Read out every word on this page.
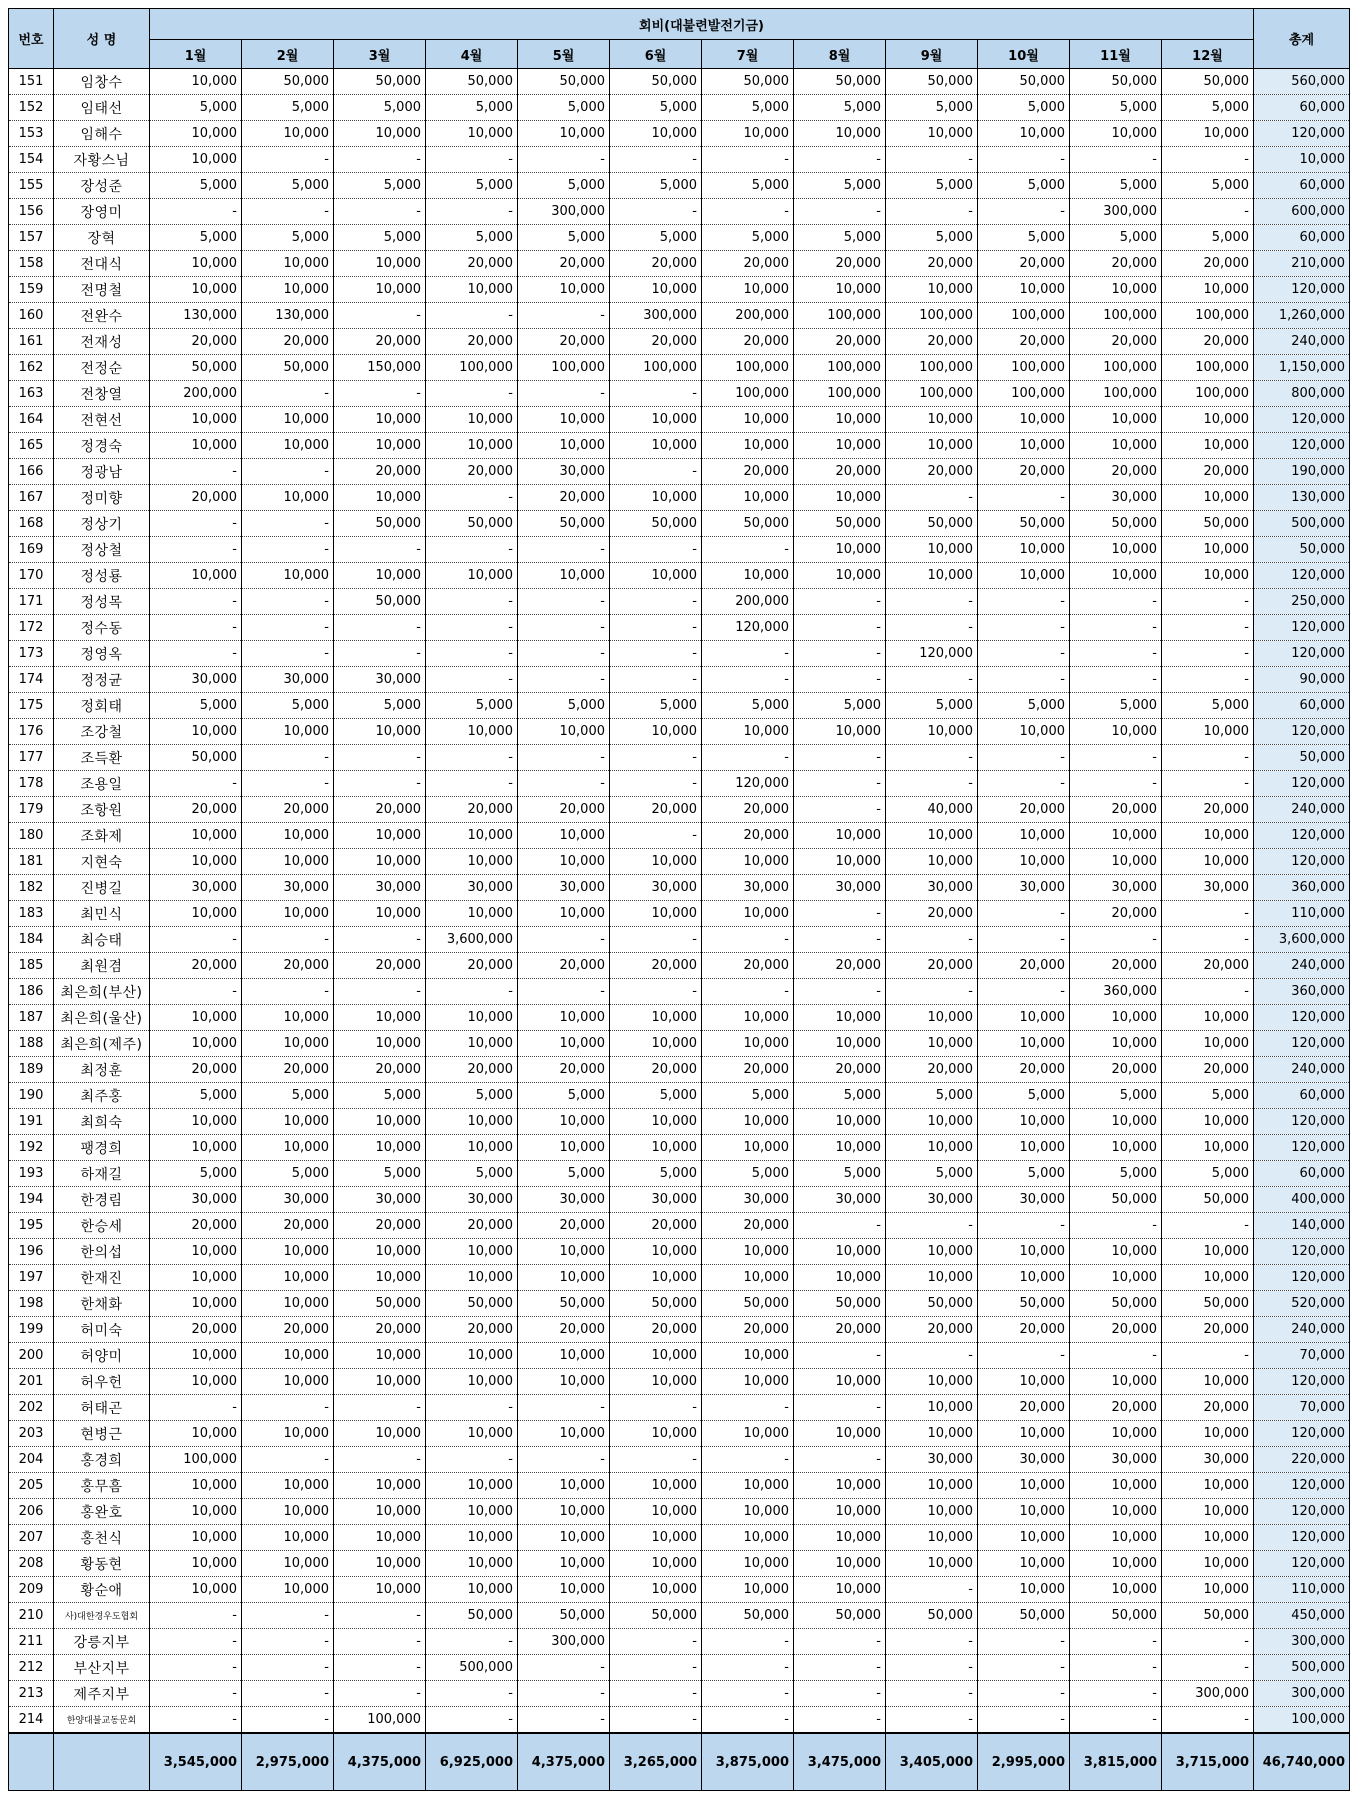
번호	성 명	회비(대불련발전기금)												총계
		1월	2월	3월	4월	5월	6월	7월	8월	9월	10월	11월	12월	
151	임창수	10,000	50,000	50,000	50,000	50,000	50,000	50,000	50,000	50,000	50,000	50,000	50,000	560,000
152	임태선	5,000	5,000	5,000	5,000	5,000	5,000	5,000	5,000	5,000	5,000	5,000	5,000	60,000
153	임해수	10,000	10,000	10,000	10,000	10,000	10,000	10,000	10,000	10,000	10,000	10,000	10,000	120,000
154	자황스님	10,000	-	-	-	-	-	-	-	-	-	-	-	10,000
155	장성준	5,000	5,000	5,000	5,000	5,000	5,000	5,000	5,000	5,000	5,000	5,000	5,000	60,000
156	장영미	-	-	-	-	300,000	-	-	-	-	-	300,000	-	600,000
157	장혁	5,000	5,000	5,000	5,000	5,000	5,000	5,000	5,000	5,000	5,000	5,000	5,000	60,000
158	전대식	10,000	10,000	10,000	20,000	20,000	20,000	20,000	20,000	20,000	20,000	20,000	20,000	210,000
159	전명철	10,000	10,000	10,000	10,000	10,000	10,000	10,000	10,000	10,000	10,000	10,000	10,000	120,000
160	전완수	130,000	130,000	-	-	-	300,000	200,000	100,000	100,000	100,000	100,000	100,000	1,260,000
161	전재성	20,000	20,000	20,000	20,000	20,000	20,000	20,000	20,000	20,000	20,000	20,000	20,000	240,000
162	전정순	50,000	50,000	150,000	100,000	100,000	100,000	100,000	100,000	100,000	100,000	100,000	100,000	1,150,000
163	전창열	200,000	-	-	-	-	-	100,000	100,000	100,000	100,000	100,000	100,000	800,000
164	전현선	10,000	10,000	10,000	10,000	10,000	10,000	10,000	10,000	10,000	10,000	10,000	10,000	120,000
165	정경숙	10,000	10,000	10,000	10,000	10,000	10,000	10,000	10,000	10,000	10,000	10,000	10,000	120,000
166	정광남	-	-	20,000	20,000	30,000	-	20,000	20,000	20,000	20,000	20,000	20,000	190,000
167	정미향	20,000	10,000	10,000	-	20,000	10,000	10,000	10,000	-	-	30,000	10,000	130,000
168	정상기	-	-	50,000	50,000	50,000	50,000	50,000	50,000	50,000	50,000	50,000	50,000	500,000
169	정상철	-	-	-	-	-	-	-	10,000	10,000	10,000	10,000	10,000	50,000
170	정성룡	10,000	10,000	10,000	10,000	10,000	10,000	10,000	10,000	10,000	10,000	10,000	10,000	120,000
171	정성목	-	-	50,000	-	-	-	200,000	-	-	-	-	-	250,000
172	정수동	-	-	-	-	-	-	120,000	-	-	-	-	-	120,000
173	정영옥	-	-	-	-	-	-	-	-	120,000	-	-	-	120,000
174	정정균	30,000	30,000	30,000	-	-	-	-	-	-	-	-	-	90,000
175	정회태	5,000	5,000	5,000	5,000	5,000	5,000	5,000	5,000	5,000	5,000	5,000	5,000	60,000
176	조강철	10,000	10,000	10,000	10,000	10,000	10,000	10,000	10,000	10,000	10,000	10,000	10,000	120,000
177	조득환	50,000	-	-	-	-	-	-	-	-	-	-	-	50,000
178	조용일	-	-	-	-	-	-	120,000	-	-	-	-	-	120,000
179	조항원	20,000	20,000	20,000	20,000	20,000	20,000	20,000	-	40,000	20,000	20,000	20,000	240,000
180	조화제	10,000	10,000	10,000	10,000	10,000	-	20,000	10,000	10,000	10,000	10,000	10,000	120,000
181	지현숙	10,000	10,000	10,000	10,000	10,000	10,000	10,000	10,000	10,000	10,000	10,000	10,000	120,000
182	진병길	30,000	30,000	30,000	30,000	30,000	30,000	30,000	30,000	30,000	30,000	30,000	30,000	360,000
183	최민식	10,000	10,000	10,000	10,000	10,000	10,000	10,000	-	20,000	-	20,000	-	110,000
184	최승태	-	-	-	3,600,000	-	-	-	-	-	-	-	-	3,600,000
185	최원겸	20,000	20,000	20,000	20,000	20,000	20,000	20,000	20,000	20,000	20,000	20,000	20,000	240,000
186	최은희(부산)	-	-	-	-	-	-	-	-	-	-	360,000	-	360,000
187	최은희(울산)	10,000	10,000	10,000	10,000	10,000	10,000	10,000	10,000	10,000	10,000	10,000	10,000	120,000
188	최은희(제주)	10,000	10,000	10,000	10,000	10,000	10,000	10,000	10,000	10,000	10,000	10,000	10,000	120,000
189	최정훈	20,000	20,000	20,000	20,000	20,000	20,000	20,000	20,000	20,000	20,000	20,000	20,000	240,000
190	최주홍	5,000	5,000	5,000	5,000	5,000	5,000	5,000	5,000	5,000	5,000	5,000	5,000	60,000
191	최희숙	10,000	10,000	10,000	10,000	10,000	10,000	10,000	10,000	10,000	10,000	10,000	10,000	120,000
192	팽경희	10,000	10,000	10,000	10,000	10,000	10,000	10,000	10,000	10,000	10,000	10,000	10,000	120,000
193	하재길	5,000	5,000	5,000	5,000	5,000	5,000	5,000	5,000	5,000	5,000	5,000	5,000	60,000
194	한경림	30,000	30,000	30,000	30,000	30,000	30,000	30,000	30,000	30,000	30,000	50,000	50,000	400,000
195	한승세	20,000	20,000	20,000	20,000	20,000	20,000	20,000	-	-	-	-	-	140,000
196	한의섭	10,000	10,000	10,000	10,000	10,000	10,000	10,000	10,000	10,000	10,000	10,000	10,000	120,000
197	한재진	10,000	10,000	10,000	10,000	10,000	10,000	10,000	10,000	10,000	10,000	10,000	10,000	120,000
198	한채화	10,000	10,000	50,000	50,000	50,000	50,000	50,000	50,000	50,000	50,000	50,000	50,000	520,000
199	허미숙	20,000	20,000	20,000	20,000	20,000	20,000	20,000	20,000	20,000	20,000	20,000	20,000	240,000
200	허양미	10,000	10,000	10,000	10,000	10,000	10,000	10,000	-	-	-	-	-	70,000
201	허우헌	10,000	10,000	10,000	10,000	10,000	10,000	10,000	10,000	10,000	10,000	10,000	10,000	120,000
202	허태곤	-	-	-	-	-	-	-	-	10,000	20,000	20,000	20,000	70,000
203	현병근	10,000	10,000	10,000	10,000	10,000	10,000	10,000	10,000	10,000	10,000	10,000	10,000	120,000
204	홍경희	100,000	-	-	-	-	-	-	-	30,000	30,000	30,000	30,000	220,000
205	홍무흠	10,000	10,000	10,000	10,000	10,000	10,000	10,000	10,000	10,000	10,000	10,000	10,000	120,000
206	홍완호	10,000	10,000	10,000	10,000	10,000	10,000	10,000	10,000	10,000	10,000	10,000	10,000	120,000
207	홍천식	10,000	10,000	10,000	10,000	10,000	10,000	10,000	10,000	10,000	10,000	10,000	10,000	120,000
208	황동현	10,000	10,000	10,000	10,000	10,000	10,000	10,000	10,000	10,000	10,000	10,000	10,000	120,000
209	황순애	10,000	10,000	10,000	10,000	10,000	10,000	10,000	10,000	-	10,000	10,000	10,000	110,000
210	사)대한경우도협회	-	-	-	50,000	50,000	50,000	50,000	50,000	50,000	50,000	50,000	50,000	450,000
211	강릉지부	-	-	-	-	300,000	-	-	-	-	-	-	-	300,000
212	부산지부	-	-	-	500,000	-	-	-	-	-	-	-	-	500,000
213	제주지부	-	-	-	-	-	-	-	-	-	-	-	300,000	300,000
214	한양대불교동문회	-	-	100,000	-	-	-	-	-	-	-	-	-	100,000
		3,545,000	2,975,000	4,375,000	6,925,000	4,375,000	3,265,000	3,875,000	3,475,000	3,405,000	2,995,000	3,815,000	3,715,000	46,740,000
